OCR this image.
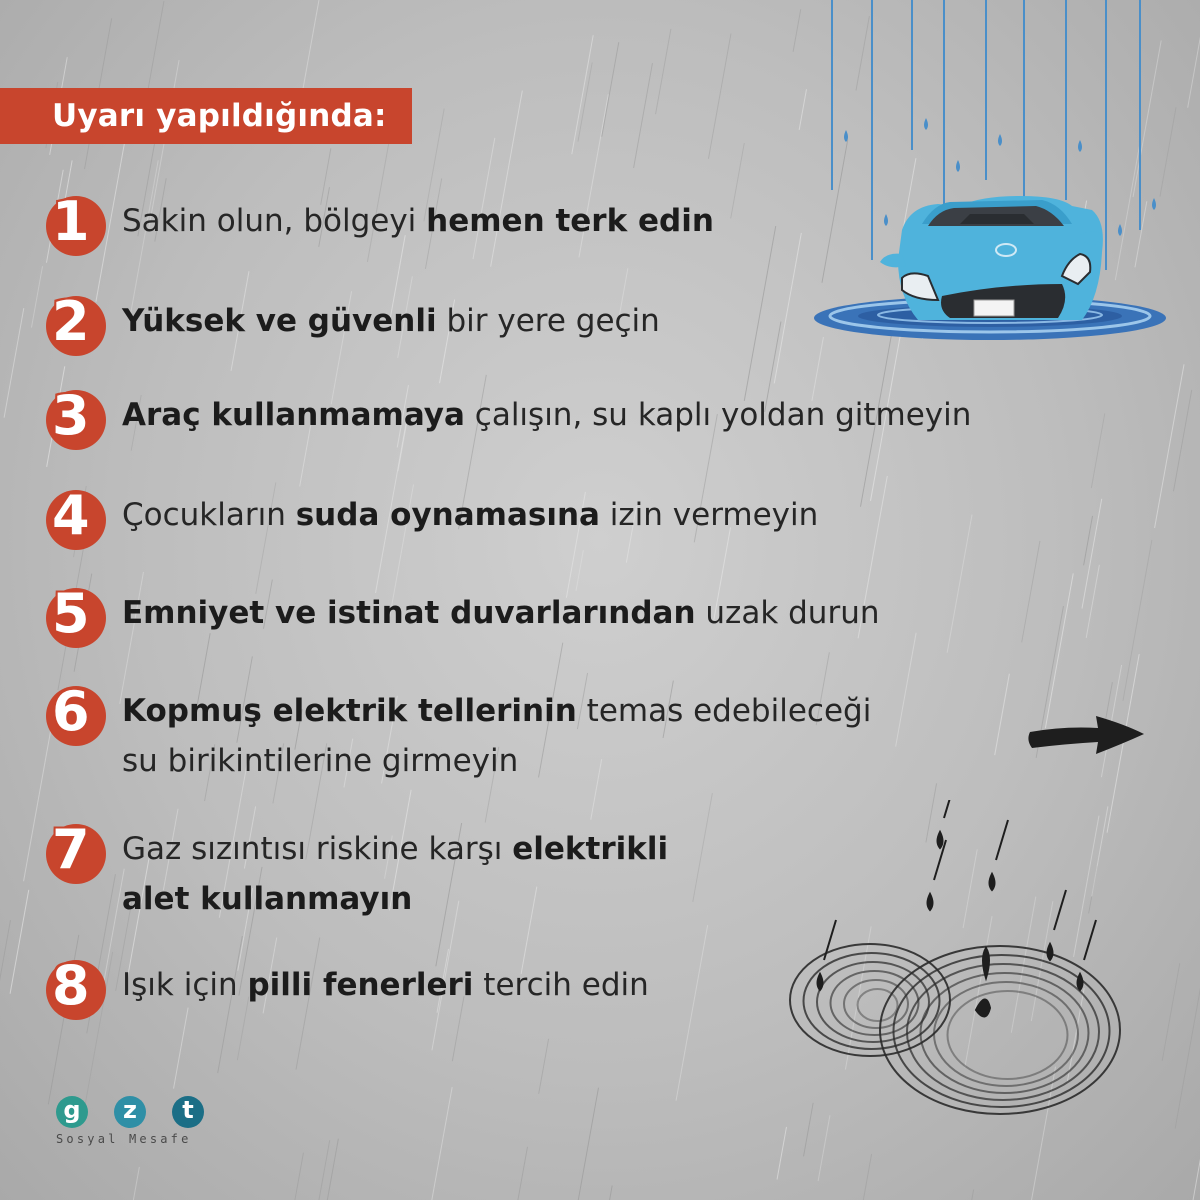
Uyarı yapıldığında:
1 Sakin olun, bölgeyi hemen terk edin
2 Yüksek ve güvenli bir yere geçin
3 Araç kullanmamaya çalışın, su kaplı yoldan gitmeyin
4 Çocukların suda oynamasına izin vermeyin
5 Emniyet ve istinat duvarlarından uzak durun
6 Kopmuş elektrik tellerinin temas edebileceği
su birikintilerine girmeyin
7 Gaz sızıntısı riskine karşı elektrikli
alet kullanmayın
8 Işık için pilli fenerleri tercih edin
g	z	t
Sosyal Mesafe
